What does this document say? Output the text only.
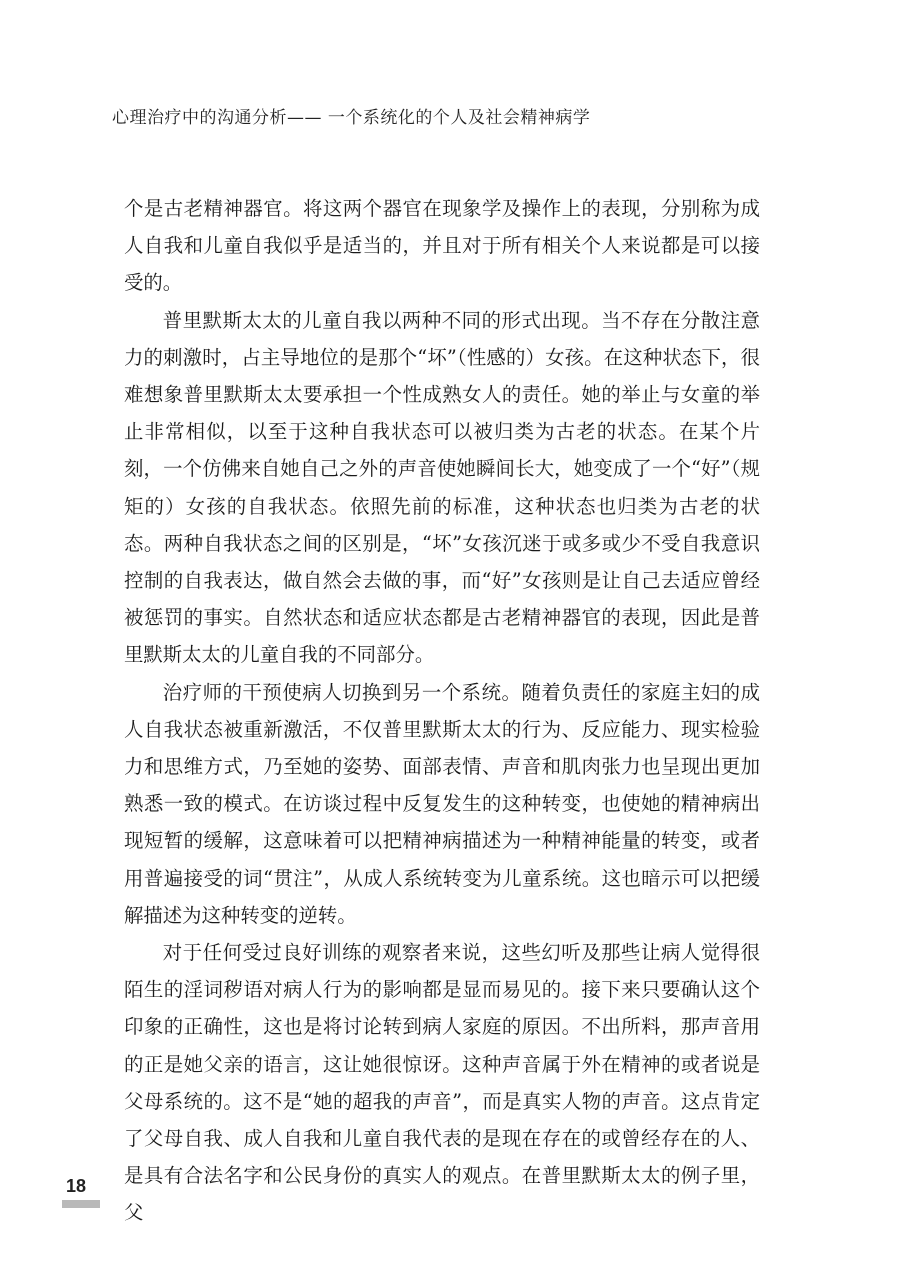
心理治疗中的沟通分析—— 一个系统化的个人及社会精神病学

个是古老精神器官。将这两个器官在现象学及操作上的表现，分别称为成人自我和儿童自我似乎是适当的，并且对于所有相关个人来说都是可以接受的。

普里默斯太太的儿童自我以两种不同的形式出现。当不存在分散注意力的刺激时，占主导地位的是那个“坏”（性感的）女孩。在这种状态下，很难想象普里默斯太太要承担一个性成熟女人的责任。她的举止与女童的举止非常相似，以至于这种自我状态可以被归类为古老的状态。在某个片刻，一个仿佛来自她自己之外的声音使她瞬间长大，她变成了一个“好”（规矩的）女孩的自我状态。依照先前的标准，这种状态也归类为古老的状态。两种自我状态之间的区别是，“坏”女孩沉迷于或多或少不受自我意识控制的自我表达，做自然会去做的事，而“好”女孩则是让自己去适应曾经被惩罚的事实。自然状态和适应状态都是古老精神器官的表现，因此是普里默斯太太的儿童自我的不同部分。

治疗师的干预使病人切换到另一个系统。随着负责任的家庭主妇的成人自我状态被重新激活，不仅普里默斯太太的行为、反应能力、现实检验力和思维方式，乃至她的姿势、面部表情、声音和肌肉张力也呈现出更加熟悉一致的模式。在访谈过程中反复发生的这种转变，也使她的精神病出现短暂的缓解，这意味着可以把精神病描述为一种精神能量的转变，或者用普遍接受的词“贯注”，从成人系统转变为儿童系统。这也暗示可以把缓解描述为这种转变的逆转。

对于任何受过良好训练的观察者来说，这些幻听及那些让病人觉得很陌生的淫词秽语对病人行为的影响都是显而易见的。接下来只要确认这个印象的正确性，这也是将讨论转到病人家庭的原因。不出所料，那声音用的正是她父亲的语言，这让她很惊讶。这种声音属于外在精神的或者说是父母系统的。这不是“她的超我的声音”，而是真实人物的声音。这点肯定了父母自我、成人自我和儿童自我代表的是现在存在的或曾经存在的人、是具有合法名字和公民身份的真实人的观点。在普里默斯太太的例子里，父

18
